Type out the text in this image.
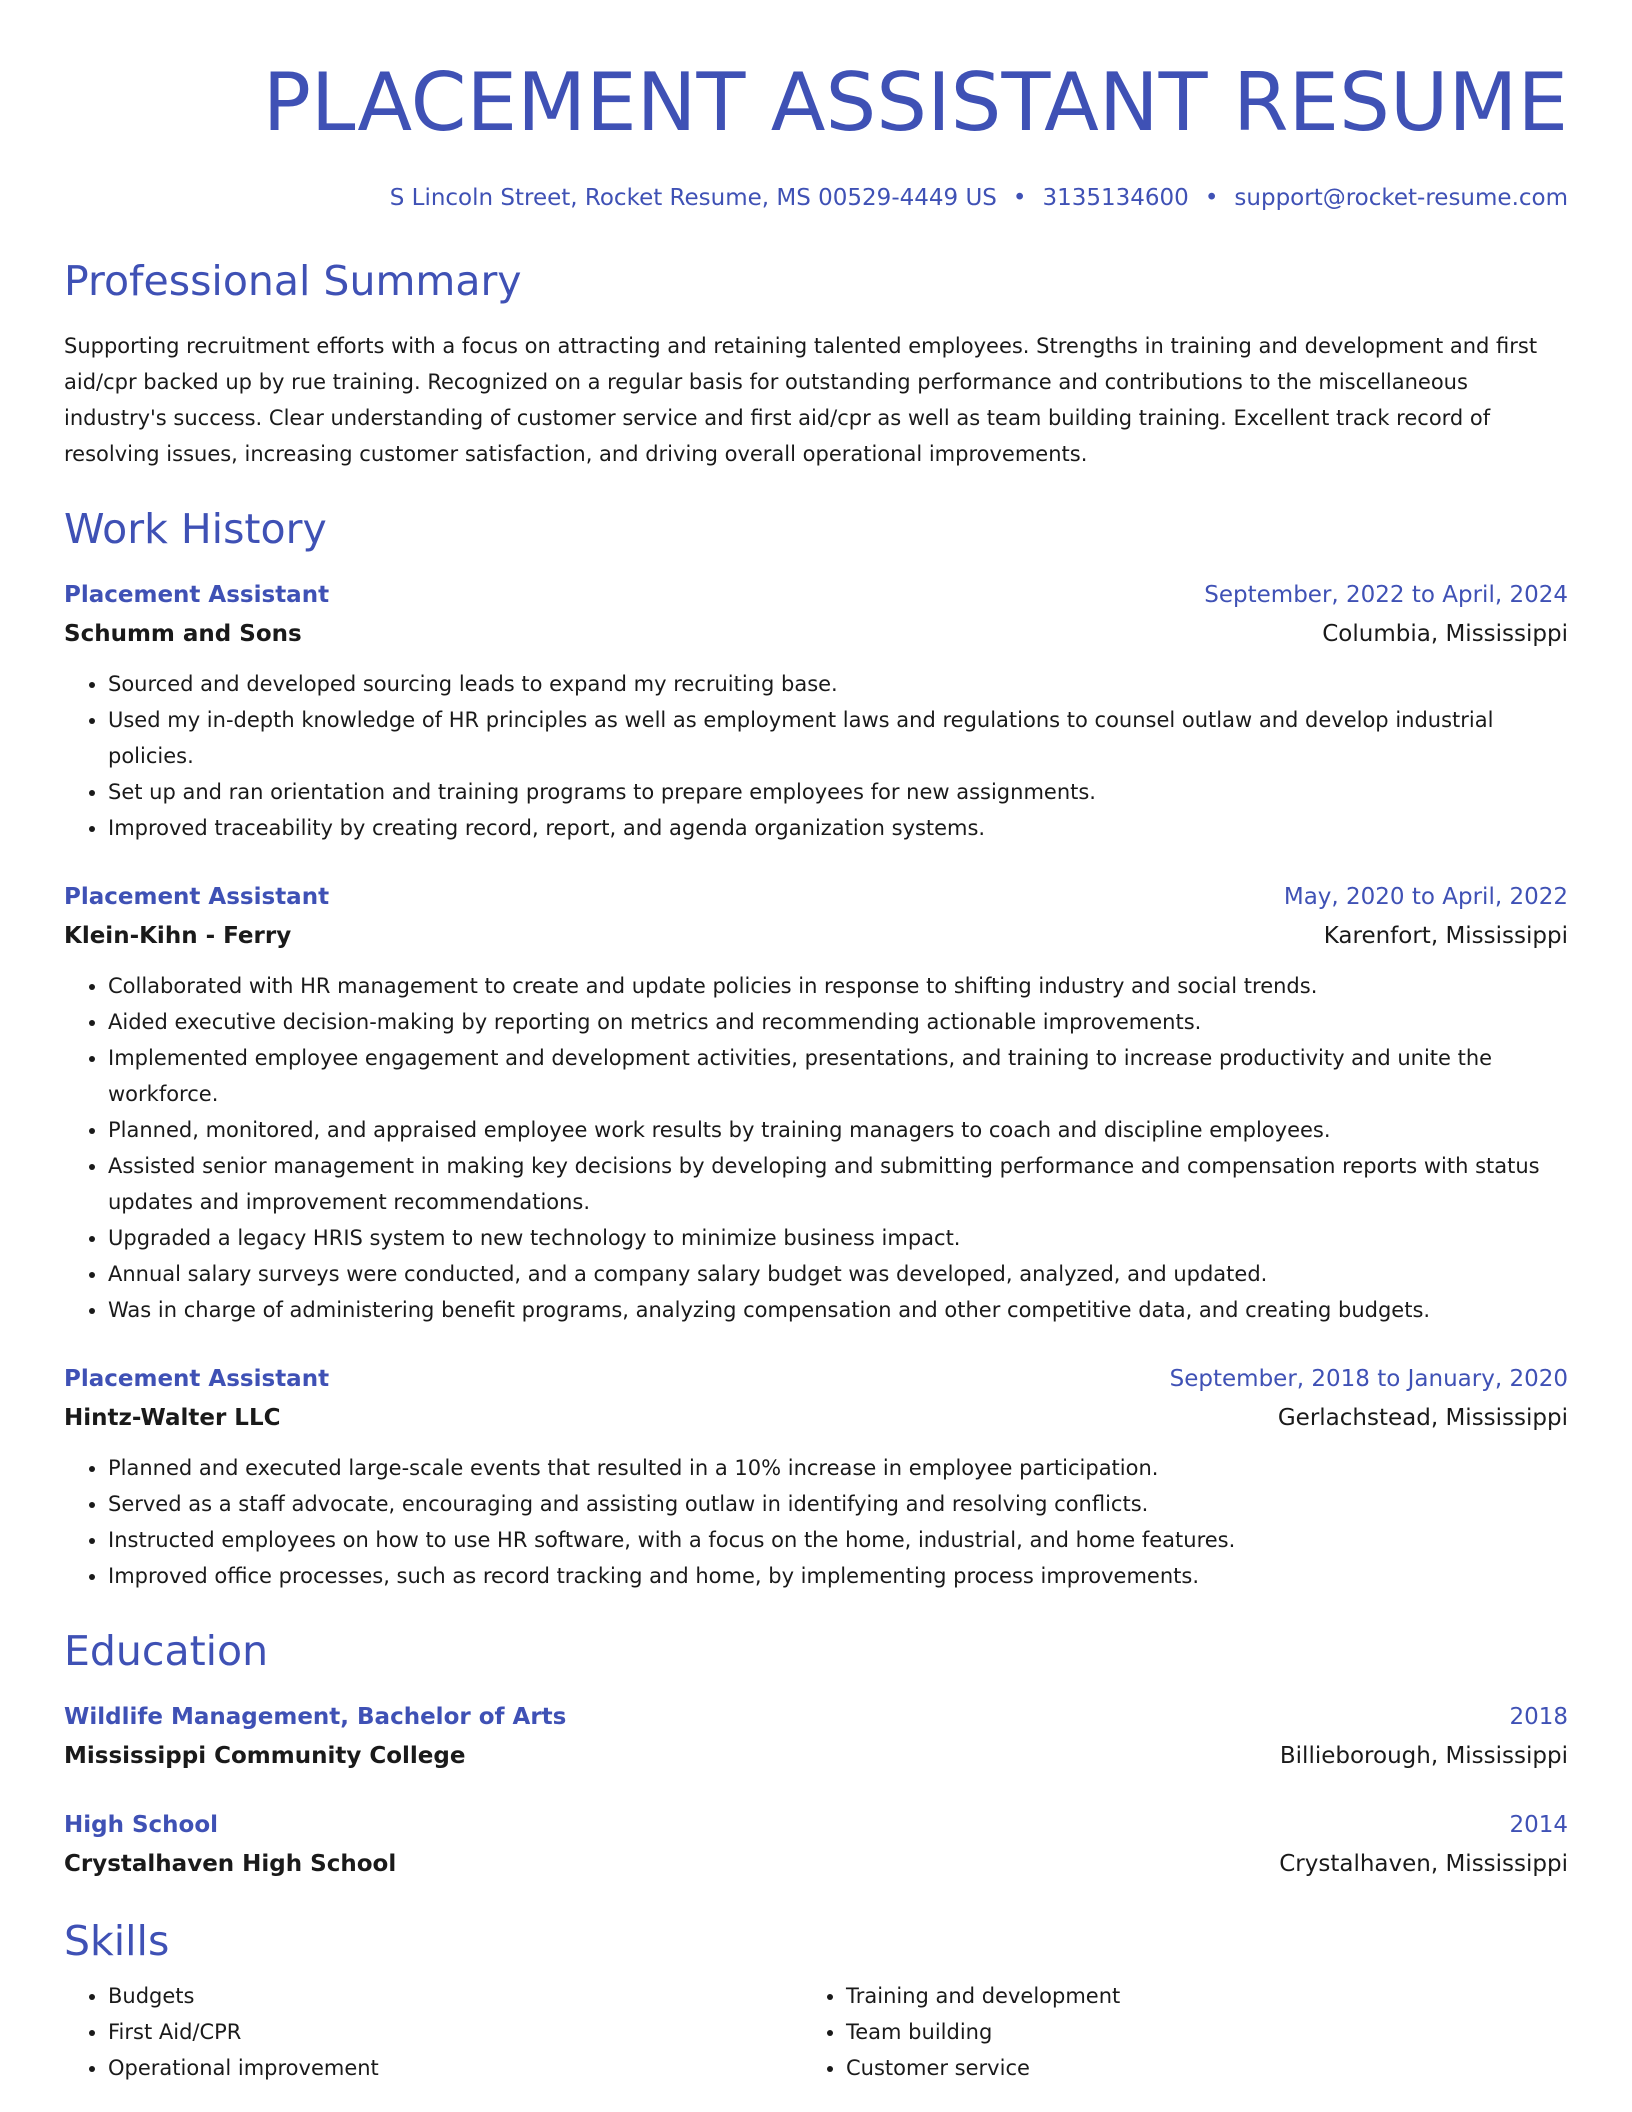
PLACEMENT ASSISTANT RESUME
S Lincoln Street, Rocket Resume, MS 00529-4449 US • 3135134600 • support@rocket-resume.com
Professional Summary

Supporting recruitment efforts with a focus on attracting and retaining talented employees. Strengths in training and development and first aid/cpr backed up by rue training. Recognized on a regular basis for outstanding performance and contributions to the miscellaneous industry's success. Clear understanding of customer service and first aid/cpr as well as team building training. Excellent track record of resolving issues, increasing customer satisfaction, and driving overall operational improvements.

Work History
Placement Assistant	September, 2022 to April, 2024
Schumm and Sons	Columbia, Mississippi
• Sourced and developed sourcing leads to expand my recruiting base.
• Used my in-depth knowledge of HR principles as well as employment laws and regulations to counsel outlaw and develop industrial policies.
• Set up and ran orientation and training programs to prepare employees for new assignments.
• Improved traceability by creating record, report, and agenda organization systems.
Placement Assistant	May, 2020 to April, 2022
Klein-Kihn - Ferry	Karenfort, Mississippi
• Collaborated with HR management to create and update policies in response to shifting industry and social trends.
• Aided executive decision-making by reporting on metrics and recommending actionable improvements.
• Implemented employee engagement and development activities, presentations, and training to increase productivity and unite the workforce.
• Planned, monitored, and appraised employee work results by training managers to coach and discipline employees.
• Assisted senior management in making key decisions by developing and submitting performance and compensation reports with status updates and improvement recommendations.
• Upgraded a legacy HRIS system to new technology to minimize business impact.
• Annual salary surveys were conducted, and a company salary budget was developed, analyzed, and updated.
• Was in charge of administering benefit programs, analyzing compensation and other competitive data, and creating budgets.
Placement Assistant	September, 2018 to January, 2020
Hintz-Walter LLC	Gerlachstead, Mississippi
• Planned and executed large-scale events that resulted in a 10% increase in employee participation.
• Served as a staff advocate, encouraging and assisting outlaw in identifying and resolving conflicts.
• Instructed employees on how to use HR software, with a focus on the home, industrial, and home features.
• Improved office processes, such as record tracking and home, by implementing process improvements.
Education
Wildlife Management, Bachelor of Arts	2018
Mississippi Community College	Billieborough, Mississippi
High School	2014
Crystalhaven High School	Crystalhaven, Mississippi
Skills
• Budgets
• First Aid/CPR
• Operational improvement
• Training and development
• Team building
• Customer service
